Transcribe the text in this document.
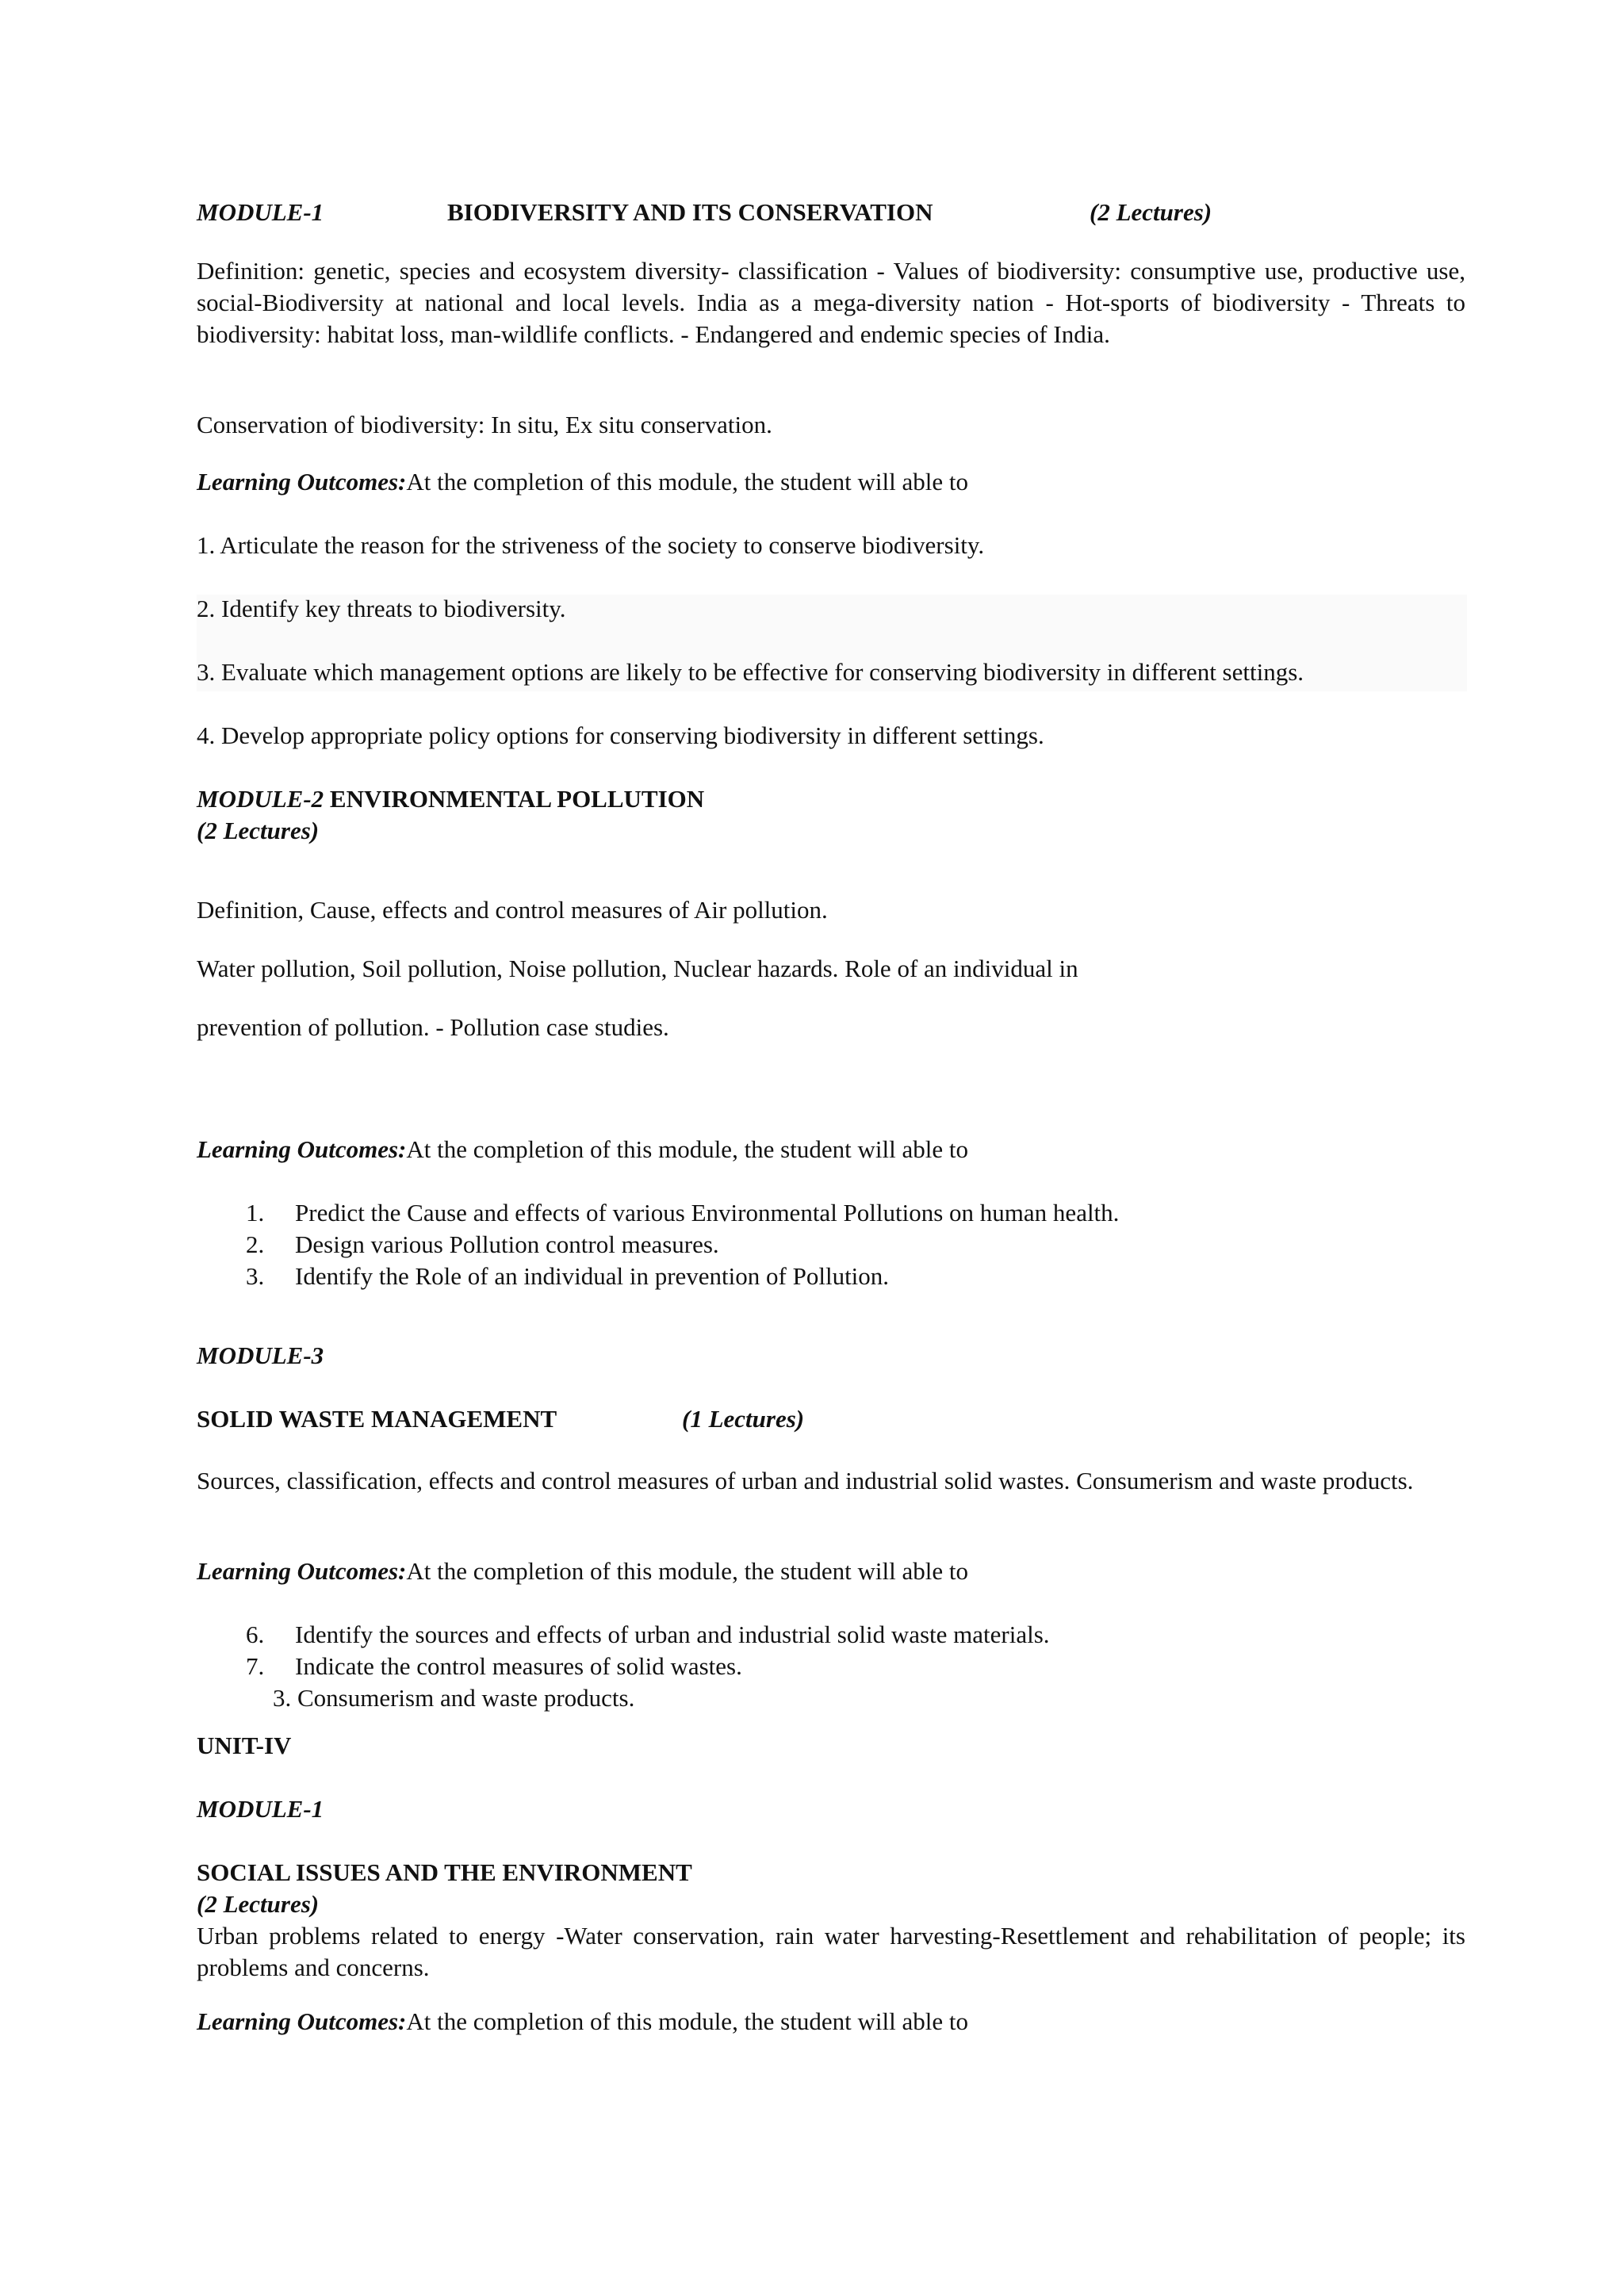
MODULE-1	BIODIVERSITY AND ITS CONSERVATION	(2 Lectures)

Definition: genetic, species and ecosystem diversity- classification - Values of biodiversity: consumptive use, productive use, social-Biodiversity at national and local levels. India as a mega-diversity nation - Hot-sports of biodiversity - Threats to biodiversity: habitat loss, man-wildlife conflicts. - Endangered and endemic species of India.

Conservation of biodiversity: In situ, Ex situ conservation.

Learning Outcomes:At the completion of this module, the student will able to

1. Articulate the reason for the striveness of the society to conserve biodiversity.

2. Identify key threats to biodiversity.

3. Evaluate which management options are likely to be effective for conserving biodiversity in different settings.

4. Develop appropriate policy options for conserving biodiversity in different settings.

MODULE-2 ENVIRONMENTAL POLLUTION

(2 Lectures)

Definition, Cause, effects and control measures of Air pollution.

Water pollution, Soil pollution, Noise pollution, Nuclear hazards. Role of an individual in

prevention of pollution. - Pollution case studies.

Learning Outcomes:At the completion of this module, the student will able to

1. Predict the Cause and effects of various Environmental Pollutions on human health.
2. Design various Pollution control measures.
3. Identify the Role of an individual in prevention of Pollution.

MODULE-3

SOLID WASTE MANAGEMENT	(1 Lectures)

Sources, classification, effects and control measures of urban and industrial solid wastes. Consumerism and waste products.

Learning Outcomes:At the completion of this module, the student will able to

6. Identify the sources and effects of urban and industrial solid waste materials.
7. Indicate the control measures of solid wastes.
3. Consumerism and waste products.

UNIT-IV

MODULE-1

SOCIAL ISSUES AND THE ENVIRONMENT

(2 Lectures)

Urban problems related to energy -Water conservation, rain water harvesting-Resettlement and rehabilitation of people; its problems and concerns.

Learning Outcomes:At the completion of this module, the student will able to
